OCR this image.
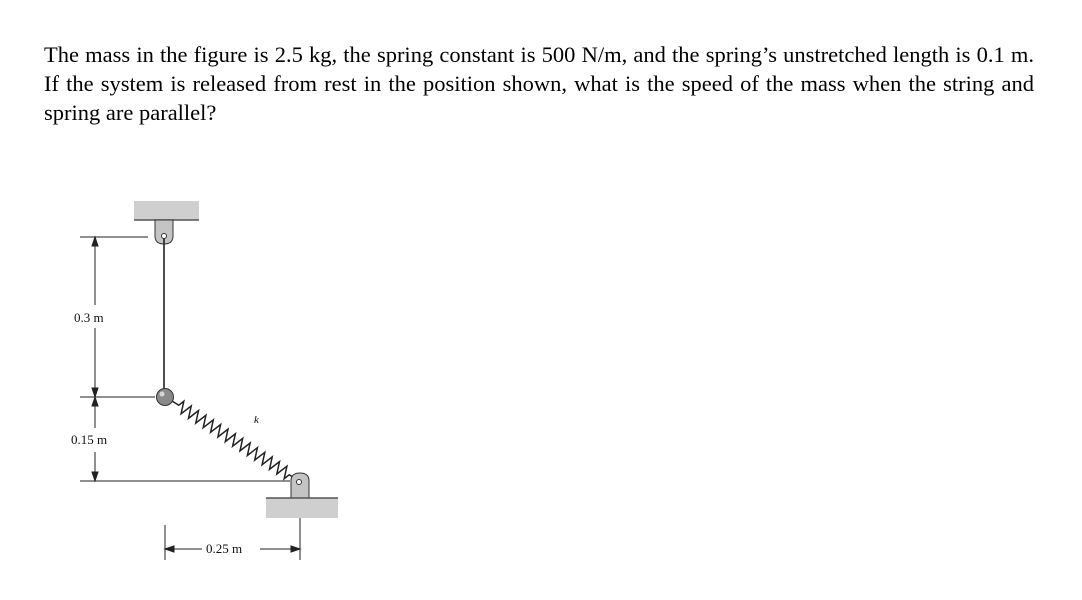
The mass in the figure is 2.5 kg, the spring constant is 500 N/m, and the spring’s unstretched length is 0.1 m. If the system is released from rest in the position shown, what is the speed of the mass when the string and spring are parallel?

0.3 m
0.15 m
0.25 m
k
